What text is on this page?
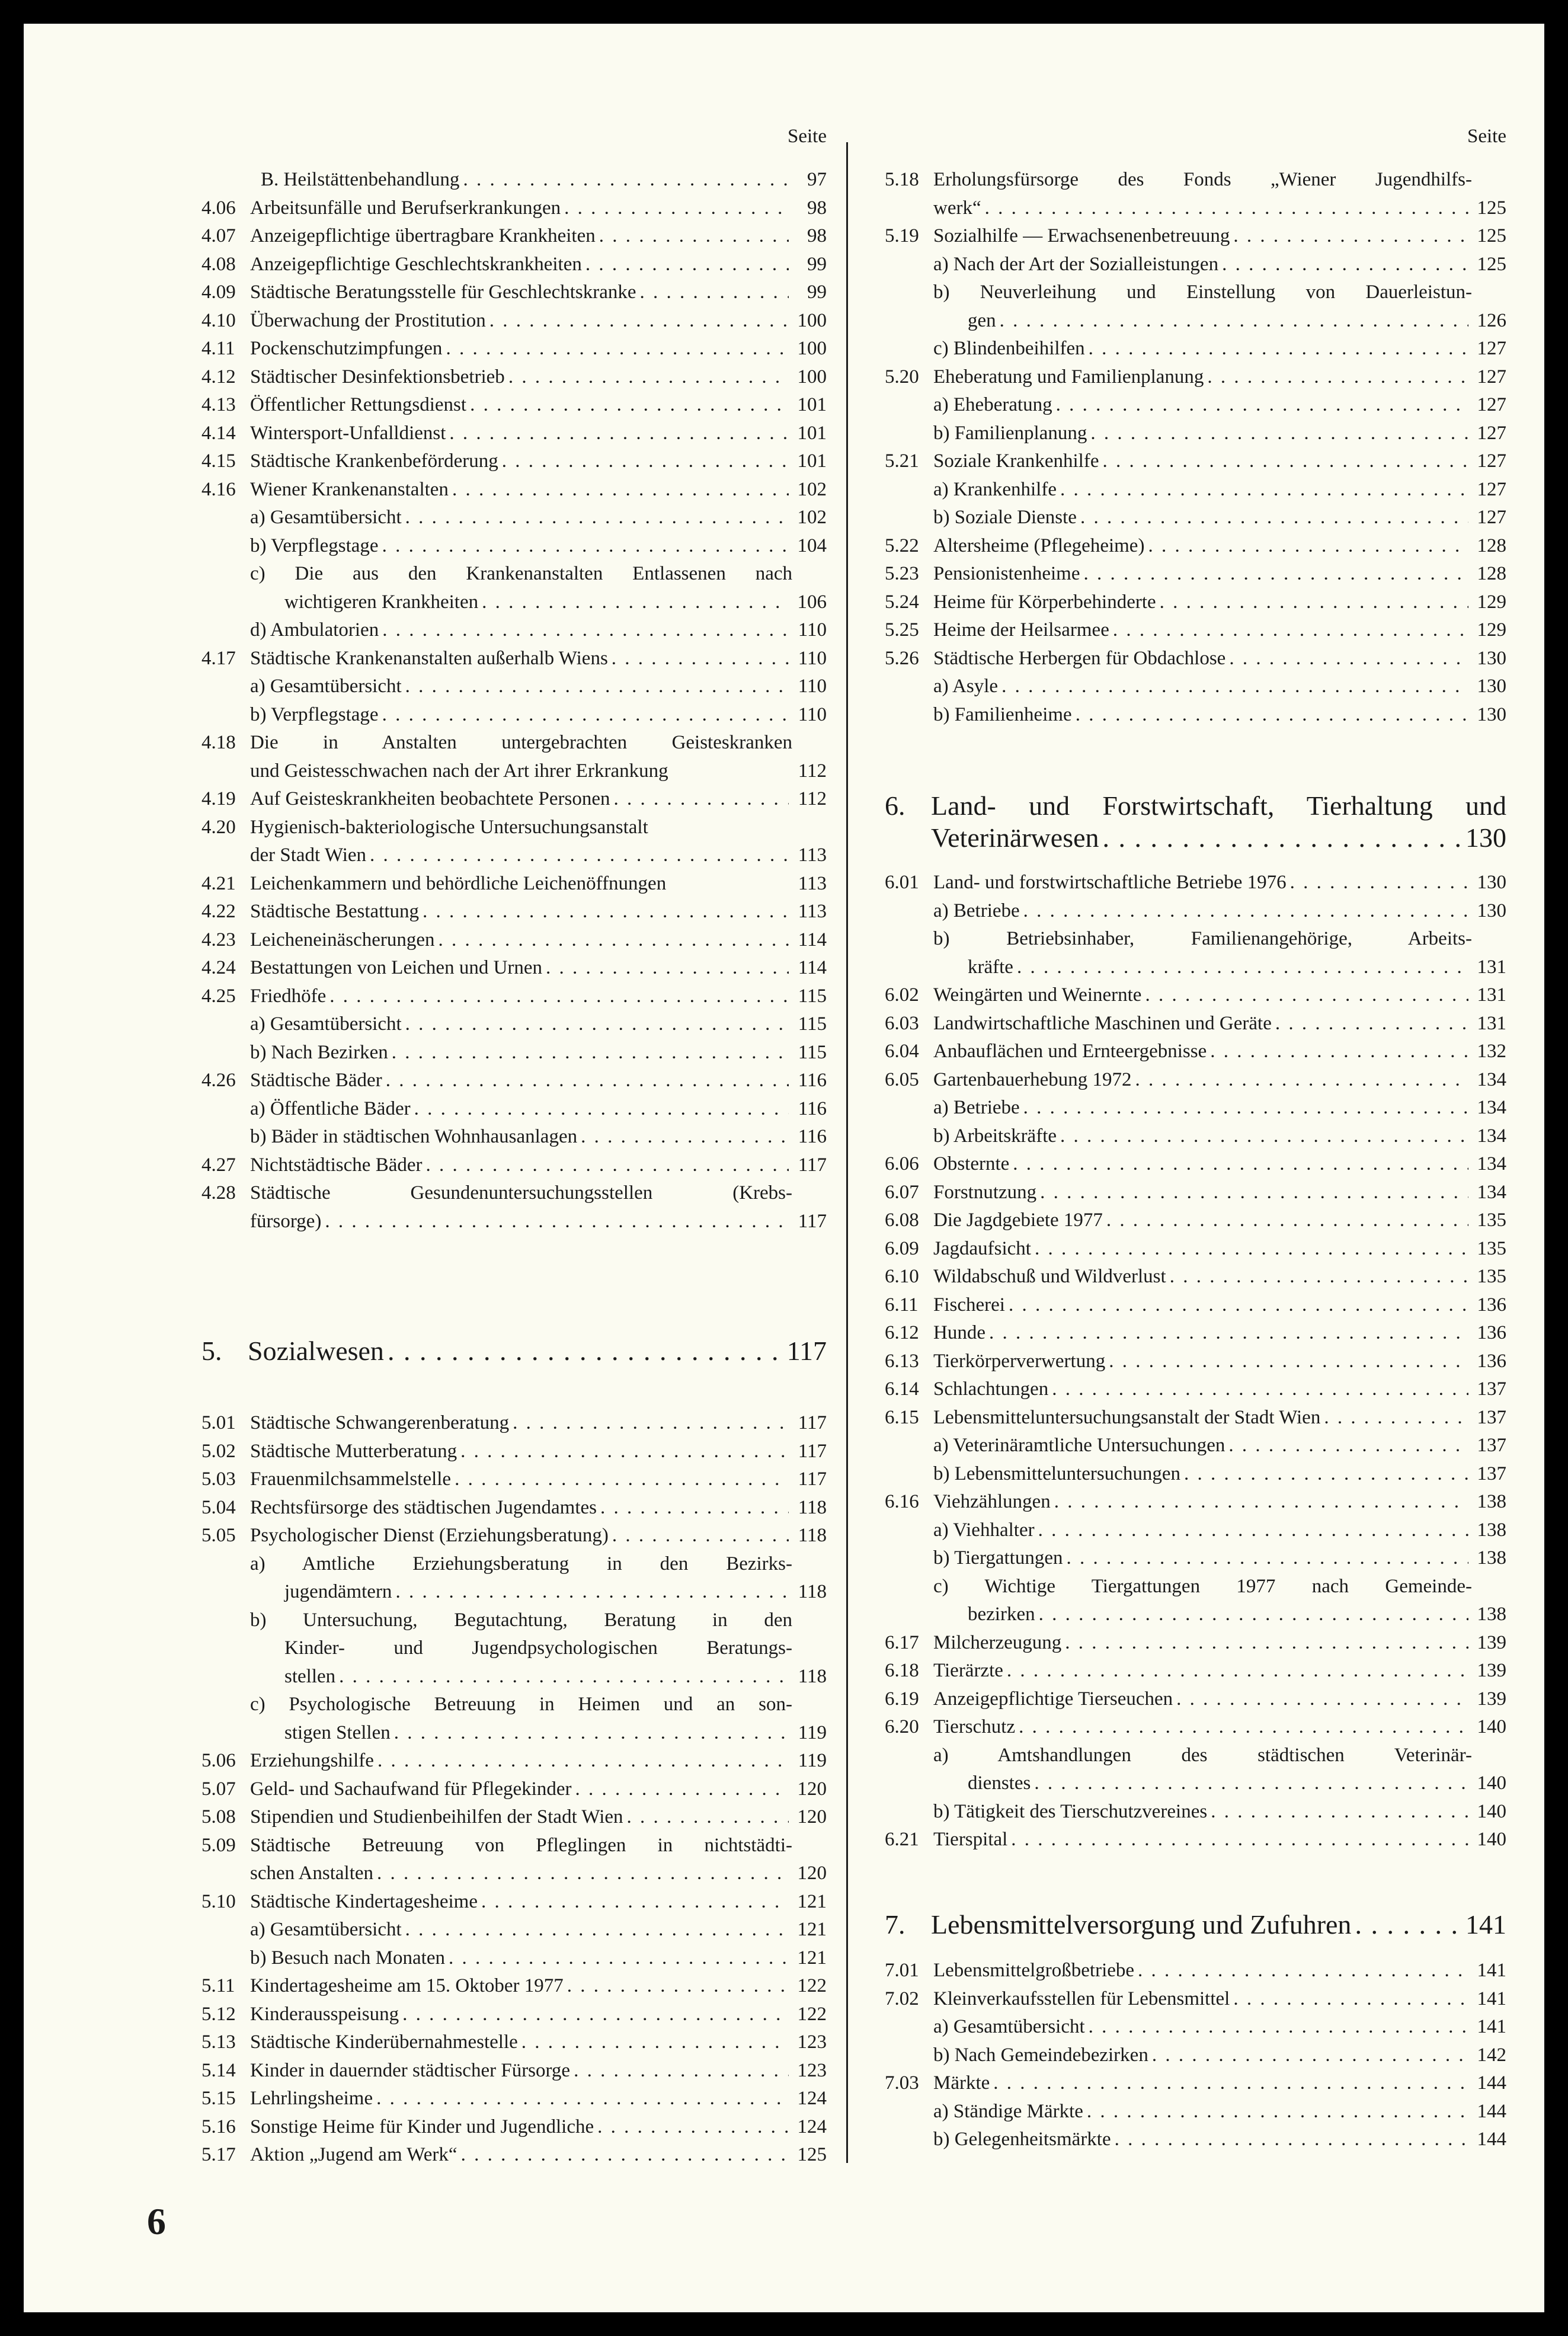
Seite
B. Heilstättenbehandlung . . .	97
4.06 Arbeitsunfälle und Berufserkrankungen . . .	98
4.07 Anzeigepflichtige übertragbare Krankheiten . . .	98
4.08 Anzeigepflichtige Geschlechtskrankheiten . . .	99
4.09 Städtische Beratungsstelle für Geschlechtskranke . . .	99
4.10 Überwachung der Prostitution . . .	100
4.11 Pockenschutzimpfungen . . .	100
4.12 Städtischer Desinfektionsbetrieb . . .	100
4.13 Öffentlicher Rettungsdienst . . .	101
4.14 Wintersport-Unfalldienst . . .	101
4.15 Städtische Krankenbeförderung . . .	101
4.16 Wiener Krankenanstalten . . .	102
a) Gesamtübersicht . . .	102
b) Verpflegstage . . .	104
c) Die aus den Krankenanstalten Entlassenen nach
wichtigeren Krankheiten . . .	106
d) Ambulatorien . . .	110
4.17 Städtische Krankenanstalten außerhalb Wiens . . .	110
a) Gesamtübersicht . . .	110
b) Verpflegstage . . .	110
4.18 Die in Anstalten untergebrachten Geisteskranken
und Geistesschwachen nach der Art ihrer Erkrankung	112
4.19 Auf Geisteskrankheiten beobachtete Personen . . .	112
4.20 Hygienisch-bakteriologische Untersuchungsanstalt
der Stadt Wien . . .	113
4.21 Leichenkammern und behördliche Leichenöffnungen	113
4.22 Städtische Bestattung . . .	113
4.23 Leicheneinäscherungen . . .	114
4.24 Bestattungen von Leichen und Urnen . . .	114
4.25 Friedhöfe . . .	115
a) Gesamtübersicht . . .	115
b) Nach Bezirken . . .	115
4.26 Städtische Bäder . . .	116
a) Öffentliche Bäder . . .	116
b) Bäder in städtischen Wohnhausanlagen . . .	116
4.27 Nichtstädtische Bäder . . .	117
4.28 Städtische Gesundenuntersuchungsstellen (Krebs-
fürsorge) . . .	117
5. Sozialwesen . . .	117
5.01 Städtische Schwangerenberatung . . .	117
5.02 Städtische Mutterberatung . . .	117
5.03 Frauenmilchsammelstelle . . .	117
5.04 Rechtsfürsorge des städtischen Jugendamtes . . .	118
5.05 Psychologischer Dienst (Erziehungsberatung) . . .	118
a) Amtliche Erziehungsberatung in den Bezirks-
jugendämtern . . .	118
b) Untersuchung, Begutachtung, Beratung in den
Kinder- und Jugendpsychologischen Beratungs-
stellen . . .	118
c) Psychologische Betreuung in Heimen und an son-
stigen Stellen . . .	119
5.06 Erziehungshilfe . . .	119
5.07 Geld- und Sachaufwand für Pflegekinder . . .	120
5.08 Stipendien und Studienbeihilfen der Stadt Wien . . .	120
5.09 Städtische Betreuung von Pfleglingen in nichtstädti-
schen Anstalten . . .	120
5.10 Städtische Kindertagesheime . . .	121
a) Gesamtübersicht . . .	121
b) Besuch nach Monaten . . .	121
5.11 Kindertagesheime am 15. Oktober 1977 . . .	122
5.12 Kinderausspeisung . . .	122
5.13 Städtische Kinderübernahmestelle . . .	123
5.14 Kinder in dauernder städtischer Fürsorge . . .	123
5.15 Lehrlingsheime . . .	124
5.16 Sonstige Heime für Kinder und Jugendliche . . .	124
5.17 Aktion „Jugend am Werk“ . . .	125
Seite
5.18 Erholungsfürsorge des Fonds „Wiener Jugendhilfs-
werk“ . . .	125
5.19 Sozialhilfe — Erwachsenenbetreuung . . .	125
a) Nach der Art der Sozialleistungen . . .	125
b) Neuverleihung und Einstellung von Dauerleistun-
gen . . .	126
c) Blindenbeihilfen . . .	127
5.20 Eheberatung und Familienplanung . . .	127
a) Eheberatung . . .	127
b) Familienplanung . . .	127
5.21 Soziale Krankenhilfe . . .	127
a) Krankenhilfe . . .	127
b) Soziale Dienste . . .	127
5.22 Altersheime (Pflegeheime) . . .	128
5.23 Pensionistenheime . . .	128
5.24 Heime für Körperbehinderte . . .	129
5.25 Heime der Heilsarmee . . .	129
5.26 Städtische Herbergen für Obdachlose . . .	130
a) Asyle . . .	130
b) Familienheime . . .	130
6. Land- und Forstwirtschaft, Tierhaltung und
Veterinärwesen . . .	130
6.01 Land- und forstwirtschaftliche Betriebe 1976 . . .	130
a) Betriebe . . .	130
b) Betriebsinhaber, Familienangehörige, Arbeits-
kräfte . . .	131
6.02 Weingärten und Weinernte . . .	131
6.03 Landwirtschaftliche Maschinen und Geräte . . .	131
6.04 Anbauflächen und Ernteergebnisse . . .	132
6.05 Gartenbauerhebung 1972 . . .	134
a) Betriebe . . .	134
b) Arbeitskräfte . . .	134
6.06 Obsternte . . .	134
6.07 Forstnutzung . . .	134
6.08 Die Jagdgebiete 1977 . . .	135
6.09 Jagdaufsicht . . .	135
6.10 Wildabschuß und Wildverlust . . .	135
6.11 Fischerei . . .	136
6.12 Hunde . . .	136
6.13 Tierkörperverwertung . . .	136
6.14 Schlachtungen . . .	137
6.15 Lebensmitteluntersuchungsanstalt der Stadt Wien . . .	137
a) Veterinäramtliche Untersuchungen . . .	137
b) Lebensmitteluntersuchungen . . .	137
6.16 Viehzählungen . . .	138
a) Viehhalter . . .	138
b) Tiergattungen . . .	138
c) Wichtige Tiergattungen 1977 nach Gemeinde-
bezirken . . .	138
6.17 Milcherzeugung . . .	139
6.18 Tierärzte . . .	139
6.19 Anzeigepflichtige Tierseuchen . . .	139
6.20 Tierschutz . . .	140
a) Amtshandlungen des städtischen Veterinär-
dienstes . . .	140
b) Tätigkeit des Tierschutzvereines . . .	140
6.21 Tierspital . . .	140
7. Lebensmittelversorgung und Zufuhren . . .	141
7.01 Lebensmittelgroßbetriebe . . .	141
7.02 Kleinverkaufsstellen für Lebensmittel . . .	141
a) Gesamtübersicht . . .	141
b) Nach Gemeindebezirken . . .	142
7.03 Märkte . . .	144
a) Ständige Märkte . . .	144
b) Gelegenheitsmärkte . . .	144
6
